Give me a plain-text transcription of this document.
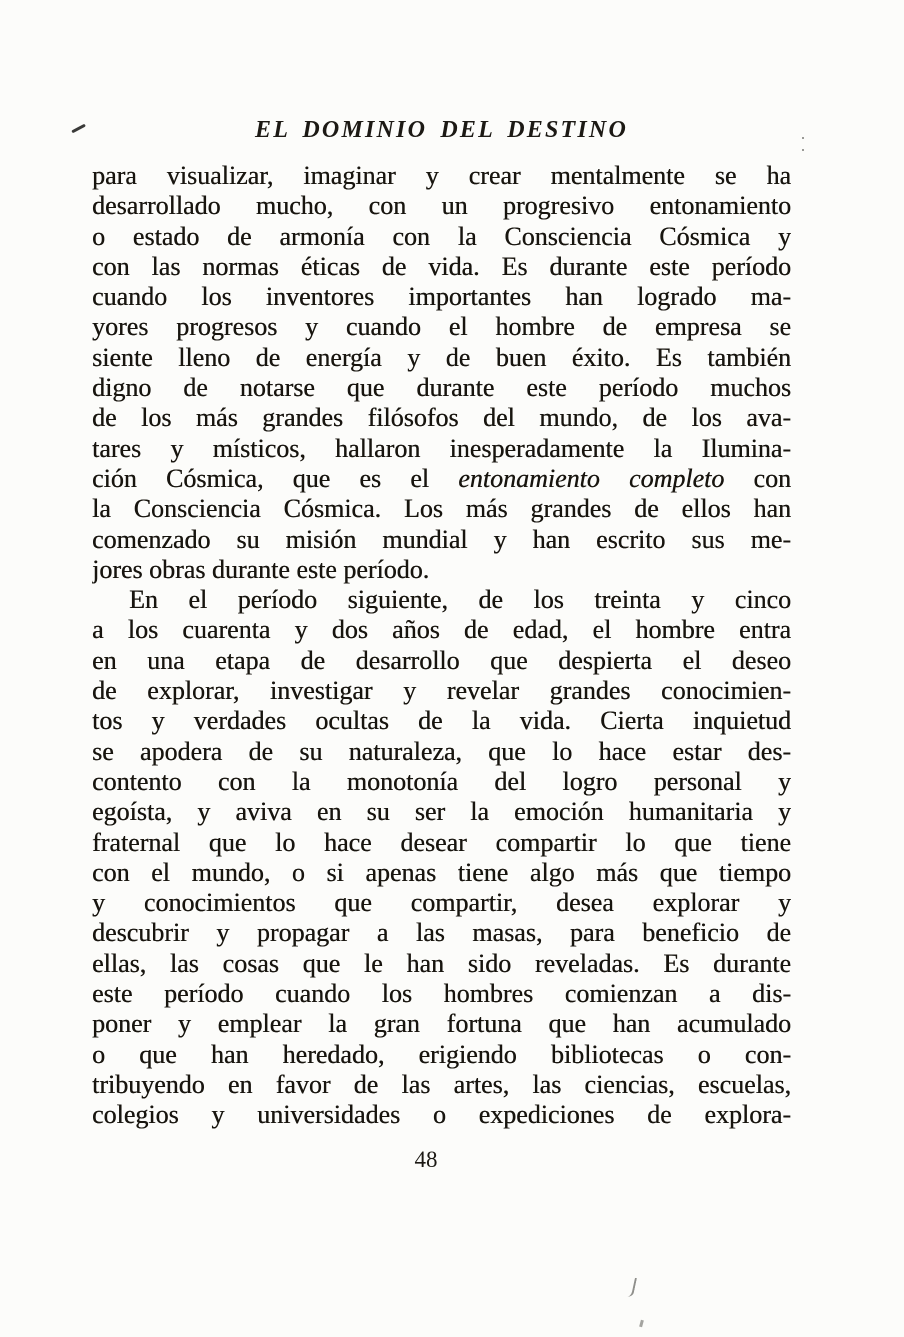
EL DOMINIO DEL DESTINO
para visualizar, imaginar y crear mentalmente se ha
desarrollado mucho, con un progresivo entonamiento
o estado de armonía con la Consciencia Cósmica y
con las normas éticas de vida. Es durante este período
cuando los inventores importantes han logrado ma-
yores progresos y cuando el hombre de empresa se
siente lleno de energía y de buen éxito. Es también
digno de notarse que durante este período muchos
de los más grandes filósofos del mundo, de los ava-
tares y místicos, hallaron inesperadamente la Ilumina-
ción Cósmica, que es el entonamiento completo con
la Consciencia Cósmica. Los más grandes de ellos han
comenzado su misión mundial y han escrito sus me-
jores obras durante este período.
En el período siguiente, de los treinta y cinco
a los cuarenta y dos años de edad, el hombre entra
en una etapa de desarrollo que despierta el deseo
de explorar, investigar y revelar grandes conocimien-
tos y verdades ocultas de la vida. Cierta inquietud
se apodera de su naturaleza, que lo hace estar des-
contento con la monotonía del logro personal y
egoísta, y aviva en su ser la emoción humanitaria y
fraternal que lo hace desear compartir lo que tiene
con el mundo, o si apenas tiene algo más que tiempo
y conocimientos que compartir, desea explorar y
descubrir y propagar a las masas, para beneficio de
ellas, las cosas que le han sido reveladas. Es durante
este período cuando los hombres comienzan a dis-
poner y emplear la gran fortuna que han acumulado
o que han heredado, erigiendo bibliotecas o con-
tribuyendo en favor de las artes, las ciencias, escuelas,
colegios y universidades o expediciones de explora-
48
